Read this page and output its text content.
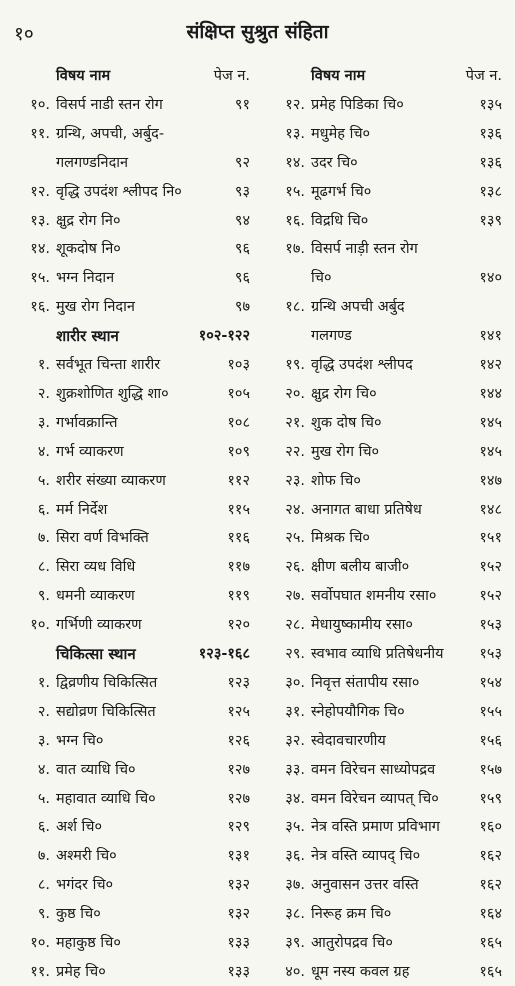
१०	संक्षिप्त सुश्रुत संहिता
विषय नाम	पेज न.
१०. विसर्प नाडी स्तन रोग	९१
११. ग्रन्थि, अपची, अर्बुद-
गलगण्डनिदान	९२
१२. वृद्धि उपदंश श्लीपद नि०	९३
१३. क्षुद्र रोग नि०	९४
१४. शूकदोष नि०	९६
१५. भग्न निदान	९६
१६. मुख रोग निदान	९७
शारीर स्थान	१०२-१२२
१. सर्वभूत चिन्ता शारीर	१०३
२. शुक्रशोणित शुद्धि शा०	१०५
३. गर्भावक्रान्ति	१०८
४. गर्भ व्याकरण	१०९
५. शरीर संख्या व्याकरण	११२
६. मर्म निर्देश	११५
७. सिरा वर्ण विभक्ति	११६
८. सिरा व्यध विधि	११७
९. धमनी व्याकरण	११९
१०. गर्भिणी व्याकरण	१२०
चिकित्सा स्थान	१२३-१६८
१. द्विव्रणीय चिकित्सित	१२३
२. सद्योव्रण चिकित्सित	१२५
३. भग्न चि०	१२६
४. वात व्याधि चि०	१२७
५. महावात व्याधि चि०	१२७
६. अर्श चि०	१२९
७. अश्मरी चि०	१३१
८. भगंदर चि०	१३२
९. कुष्ठ चि०	१३२
१०. महाकुष्ठ चि०	१३३
११. प्रमेह चि०	१३३
विषय नाम	पेज न.
१२. प्रमेह पिडिका चि०	१३५
१३. मधुमेह चि०	१३६
१४. उदर चि०	१३६
१५. मूढगर्भ चि०	१३८
१६. विद्रधि चि०	१३९
१७. विसर्प नाड़ी स्तन रोग
चि०	१४०
१८. ग्रन्थि अपची अर्बुद
गलगण्ड	१४१
१९. वृद्धि उपदंश श्लीपद	१४२
२०. क्षुद्र रोग चि०	१४४
२१. शुक दोष चि०	१४५
२२. मुख रोग चि०	१४५
२३. शोफ चि०	१४७
२४. अनागत बाधा प्रतिषेध	१४८
२५. मिश्रक चि०	१५१
२६. क्षीण बलीय बाजी०	१५२
२७. सर्वोपघात शमनीय रसा०	१५२
२८. मेधायुष्कामीय रसा०	१५३
२९. स्वभाव व्याधि प्रतिषेधनीय १५३
३०. निवृत्त संतापीय रसा०	१५४
३१. स्नेहोपयौगिक चि०	१५५
३२. स्वेदावचारणीय	१५६
३३. वमन विरेचन साध्योपद्रव	१५७
३४. वमन विरेचन व्यापत् चि०	१५९
३५. नेत्र वस्ति प्रमाण प्रविभाग	१६०
३६. नेत्र वस्ति व्यापद् चि०	१६२
३७. अनुवासन उत्तर वस्ति	१६२
३८. निरूह क्रम चि०	१६४
३९. आतुरोपद्रव चि०	१६५
४०. धूम नस्य कवल ग्रह	१६५
